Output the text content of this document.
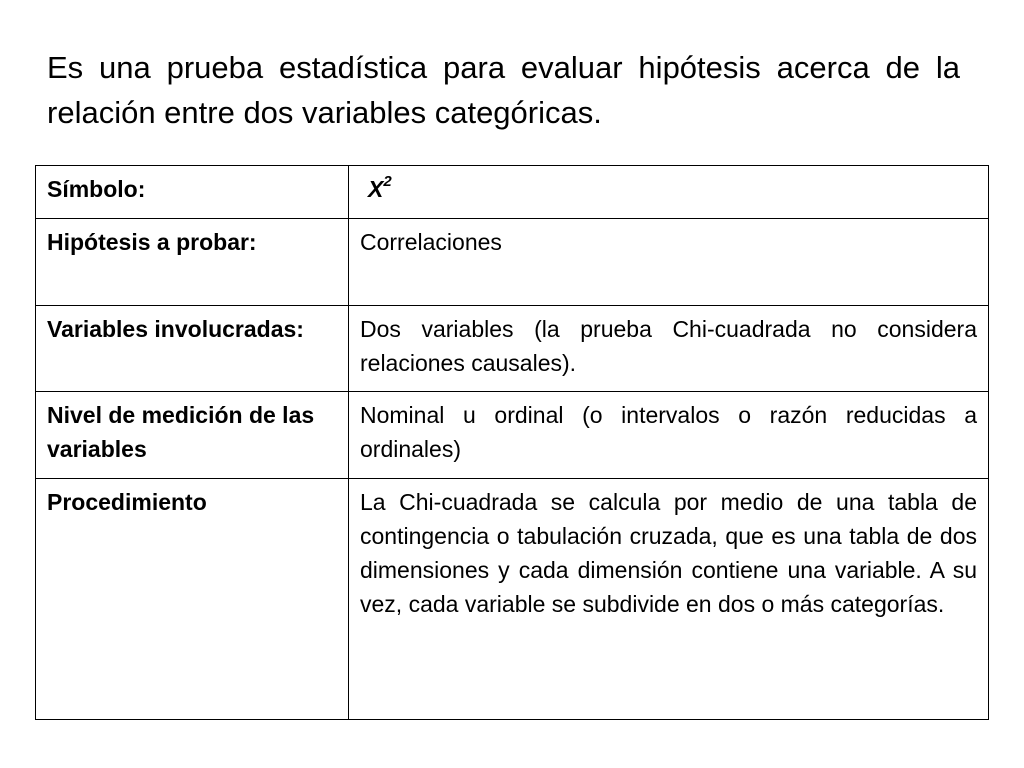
Es una prueba estadística para evaluar hipótesis acerca de la relación entre dos variables categóricas.

Símbolo:	$X^2$
Hipótesis a probar:	Correlaciones
Variables involucradas:	Dos variables (la prueba Chi-cuadrada no considera relaciones causales).
Nivel de medición de las variables	Nominal u ordinal (o intervalos o razón reducidas a ordinales)
Procedimiento	La Chi-cuadrada se calcula por medio de una tabla de contingencia o tabulación cruzada, que es una tabla de dos dimensiones y cada dimensión contiene una variable. A su vez, cada variable se subdivide en dos o más categorías.
